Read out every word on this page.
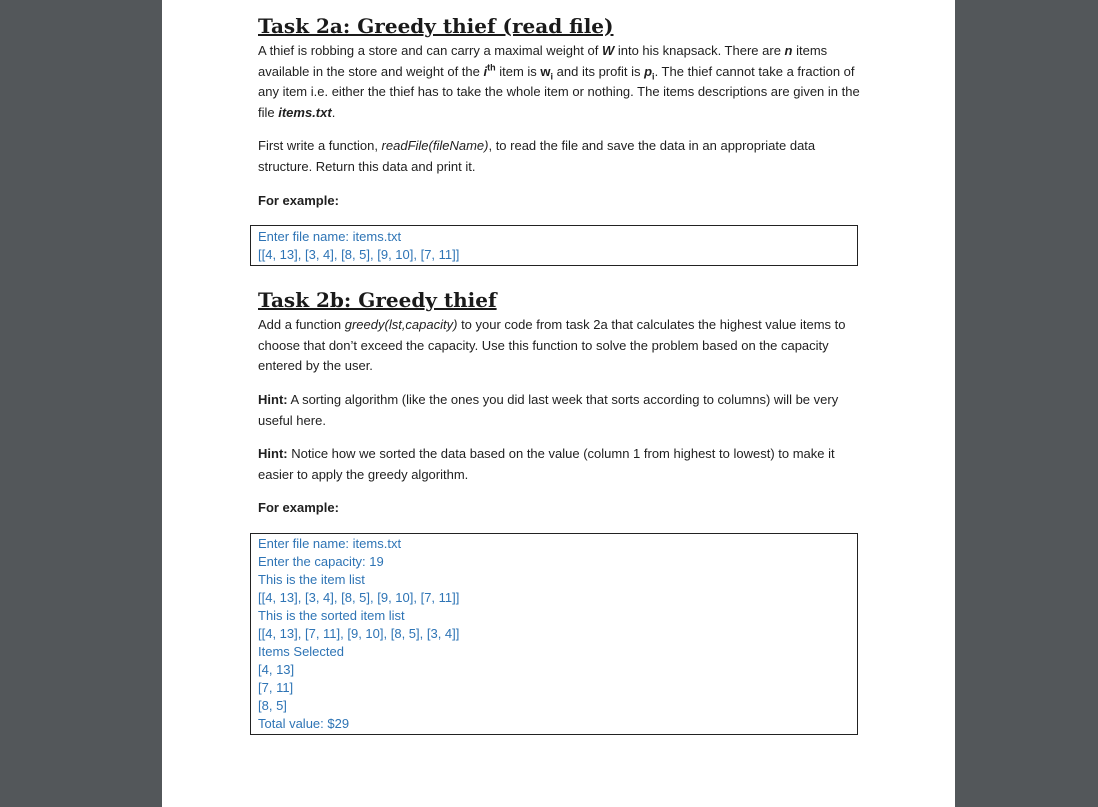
Task 2a: Greedy thief (read file)

A thief is robbing a store and can carry a maximal weight of W into his knapsack. There are n items available in the store and weight of the $i^{th}$ item is $w_i$ and its profit is $p_i$. The thief cannot take a fraction of any item i.e. either the thief has to take the whole item or nothing. The items descriptions are given in the file items.txt.

First write a function, readFile(fileName), to read the file and save the data in an appropriate data structure. Return this data and print it.

For example:

Enter file name: items.txt
[[4, 13], [3, 4], [8, 5], [9, 10], [7, 11]]
Task 2b: Greedy thief

Add a function greedy(lst,capacity) to your code from task 2a that calculates the highest value items to choose that don’t exceed the capacity. Use this function to solve the problem based on the capacity entered by the user.

Hint: A sorting algorithm (like the ones you did last week that sorts according to columns) will be very useful here.

Hint: Notice how we sorted the data based on the value (column 1 from highest to lowest) to make it easier to apply the greedy algorithm.

For example:

Enter file name: items.txt
Enter the capacity: 19
This is the item list
[[4, 13], [3, 4], [8, 5], [9, 10], [7, 11]]
This is the sorted item list
[[4, 13], [7, 11], [9, 10], [8, 5], [3, 4]]
Items Selected
[4, 13]
[7, 11]
[8, 5]
Total value: $29
